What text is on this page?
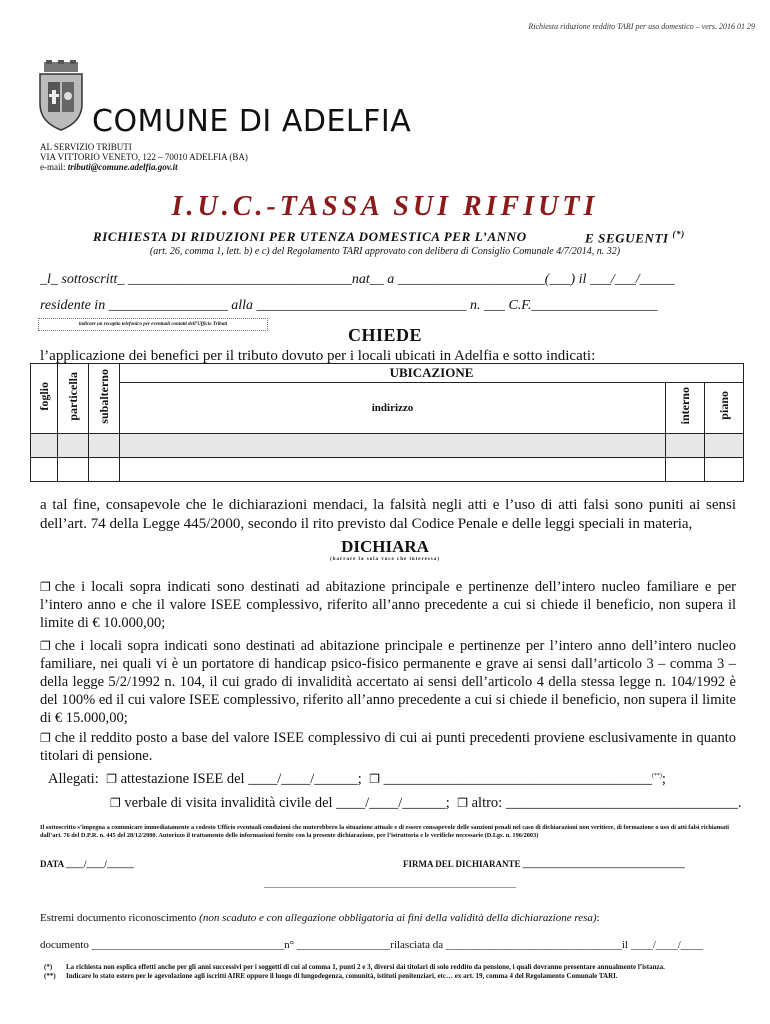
Richiesta riduzione reddito TARI per uso domestico – vers. 2016 01 29
COMUNE DI ADELFIA
AL SERVIZIO TRIBUTI
VIA VITTORIO VENETO, 122 – 70010 ADELFIA (BA)
e-mail: tributi@comune.adelfia.gov.it
I.U.C.-TASSA SUI RIFIUTI
RICHIESTA DI RIDUZIONI PER UTENZA DOMESTICA PER L’ANNO	E SEGUENTI (*)
(art. 26, comma 1, lett. b) e c) del Regolamento TARI approvato con delibera di Consiglio Comunale 4/7/2014, n. 32)
_l_ sottoscritt_ ________________________________nat__ a _____________________(___) il ___/___/_____
residente in _________________ alla ______________________________ n. ___ C.F.__________________
indicare un recapito telefonico per eventuali contatti dell’Ufficio Tributi
CHIEDE
l’applicazione dei benefici per il tributo dovuto per i locali ubicati in Adelfia e sotto indicati:
foglio	particella	subalterno	UBICAZIONE		
			indirizzo	interno	piano

a tal fine, consapevole che le dichiarazioni mendaci, la falsità negli atti e l’uso di atti falsi sono puniti ai sensi dell’art. 74 della Legge 445/2000, secondo il rito previsto dal Codice Penale e delle leggi speciali in materia,
DICHIARA
(barrare la sola voce che interessa)
❐ che i locali sopra indicati sono destinati ad abitazione principale e pertinenze dell’intero nucleo familiare e per l’intero anno e che il valore ISEE complessivo, riferito all’anno precedente a cui si chiede il beneficio, non supera il limite di € 10.000,00;
❐ che i locali sopra indicati sono destinati ad abitazione principale e pertinenze per l’intero anno dell’intero nucleo familiare, nei quali vi è un portatore di handicap psico-fisico permanente e grave ai sensi dall’articolo 3 – comma 3 – della legge 5/2/1992 n. 104, il cui grado di invalidità accertato ai sensi dell’articolo 4 della stessa legge n. 104/1992 è del 100% ed il cui valore ISEE complessivo, riferito all’anno precedente a cui si chiede il beneficio, non supera il limite di € 15.000,00;
❐ che il reddito posto a base del valore ISEE complessivo di cui ai punti precedenti proviene esclusivamente in quanto titolari di pensione.
Allegati:  ❐ attestazione ISEE del ____/____/______;  ❐ _____________________________________(**);
❐ verbale di visita invalidità civile del ____/____/______;  ❐ altro: ________________________________.
Il sottoscritto s’impegna a comunicare immediatamente a codesto Ufficio eventuali condizioni che muterebbero la situazione attuale e di essere consapevole delle sanzioni penali nel caso di dichiarazioni non veritiere, di formazione o uso di atti falsi richiamati dall’art. 76 del D.P.R. n. 445 del 28/12/2000. Autorizzo il trattamento delle informazioni fornite con la presente dichiarazione, per l’istruttoria e le verifiche necessarie (D.Lgs. n. 196/2003)
DATA ____/____/______	FIRMA DEL DICHIARANTE ____________________________________
Estremi documento riconoscimento (non scaduto e con allegazione obbligatoria ai fini della validità della dichiarazione resa):
documento ___________________________________n° _________________rilasciata da ________________________________il ____/____/____
(*) La richiesta non esplica effetti anche per gli anni successivi per i soggetti di cui al comma 1, punti 2 e 3, diversi dai titolari di solo reddito da pensione, i quali dovranno presentare annualmente l’istanza.
(**) Indicare lo stato estero per le agevolazione agli iscritti AIRE oppure il luogo di lungodegenza, comunità, istituti penitenziari, etc… ex art. 19, comma 4 del Regolamento Comunale TARI.
